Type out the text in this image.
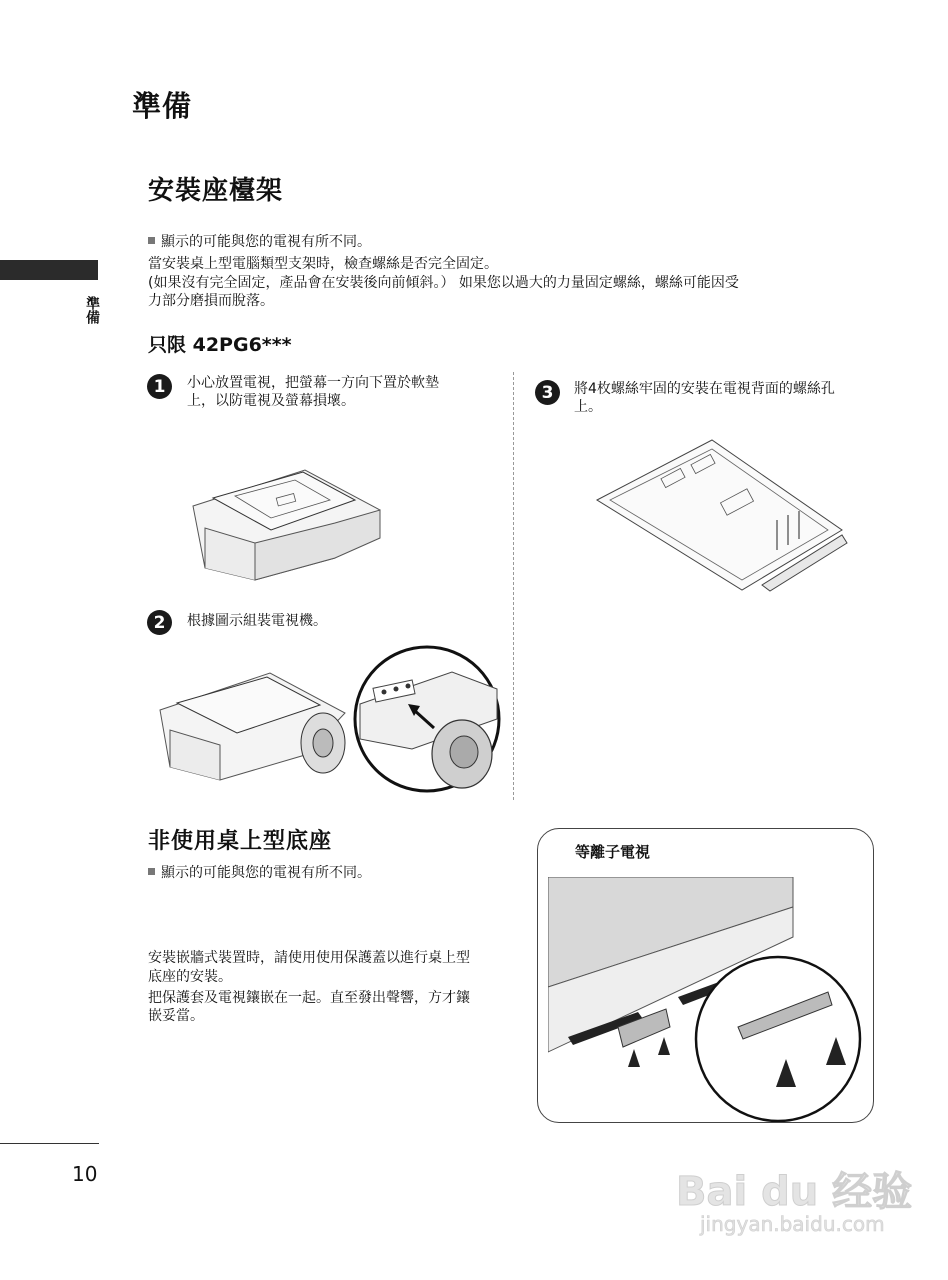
準備
準備
安裝座檯架
顯示的可能與您的電視有所不同。
當安裝桌上型電腦類型支架時，檢查螺絲是否完全固定。
(如果沒有完全固定，產品會在安裝後向前傾斜。） 如果您以過大的力量固定螺絲，螺絲可能因受
力部分磨損而脫落。
只限 42PG6***
1	小心放置電視，把螢幕一方向下置於軟墊
上，以防電視及螢幕損壞。
2	根據圖示組裝電視機。
3	將4枚螺絲牢固的安裝在電視背面的螺絲孔
上。
非使用桌上型底座
顯示的可能與您的電視有所不同。
安裝嵌牆式裝置時，請使用使用保護蓋以進行桌上型
底座的安裝。
把保護套及電視鑲嵌在一起。直至發出聲響，方才鑲
嵌妥當。
等離子電視
10	Bai du 经验
jingyan.baidu.com
